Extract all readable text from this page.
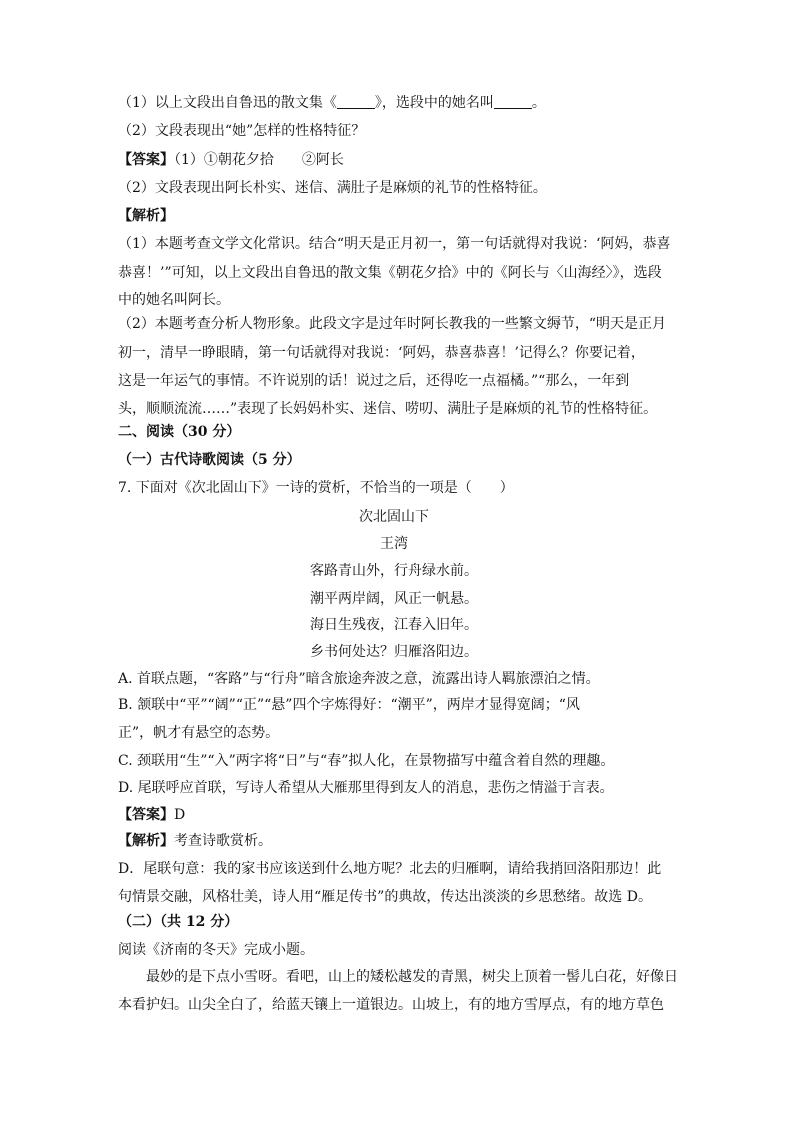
（1）以上文段出自鲁迅的散文集《	》，选段中的她名叫	。
（2）文段表现出“她”怎样的性格特征？
【答案】（1）①朝花夕拾　　②阿长
（2）文段表现出阿长朴实、迷信、满肚子是麻烦的礼节的性格特征。
【解析】
（1）本题考查文学文化常识。结合“明天是正月初一，第一句话就得对我说：‘阿妈，恭喜
恭喜！’”可知，以上文段出自鲁迅的散文集《朝花夕拾》中的《阿长与〈山海经〉》，选段
中的她名叫阿长。
（2）本题考查分析人物形象。此段文字是过年时阿长教我的一些繁文缛节，“明天是正月
初一，清早一睁眼睛，第一句话就得对我说：‘阿妈，恭喜恭喜！’记得么？你要记着，
这是一年运气的事情。不许说别的话！说过之后，还得吃一点福橘。”“那么，一年到
头，顺顺流流……”表现了长妈妈朴实、迷信、唠叨、满肚子是麻烦的礼节的性格特征。
二、阅读（30 分）
（一）古代诗歌阅读（5 分）
7. 下面对《次北固山下》一诗的赏析，不恰当的一项是（　　）
次北固山下
王湾
客路青山外，行舟绿水前。
潮平两岸阔，风正一帆悬。
海日生残夜，江春入旧年。
乡书何处达？归雁洛阳边。
A. 首联点题，“客路”与“行舟”暗含旅途奔波之意，流露出诗人羁旅漂泊之情。
B. 颔联中“平”“阔”“正”“悬”四个字炼得好：“潮平”，两岸才显得宽阔；“风
正”，帆才有悬空的态势。
C. 颈联用“生”“入”两字将“日”与“春”拟人化，在景物描写中蕴含着自然的理趣。
D. 尾联呼应首联，写诗人希望从大雁那里得到友人的消息，悲伤之情溢于言表。
【答案】D
【解析】考查诗歌赏析。
D．尾联句意：我的家书应该送到什么地方呢？北去的归雁啊，请给我捎回洛阳那边！此
句情景交融，风格壮美，诗人用“雁足传书”的典故，传达出淡淡的乡思愁绪。故选 D。
（二）（共 12 分）
阅读《济南的冬天》完成小题。
最妙的是下点小雪呀。看吧，山上的矮松越发的青黑，树尖上顶着一髻儿白花，好像日
本看护妇。山尖全白了，给蓝天镶上一道银边。山坡上，有的地方雪厚点，有的地方草色
